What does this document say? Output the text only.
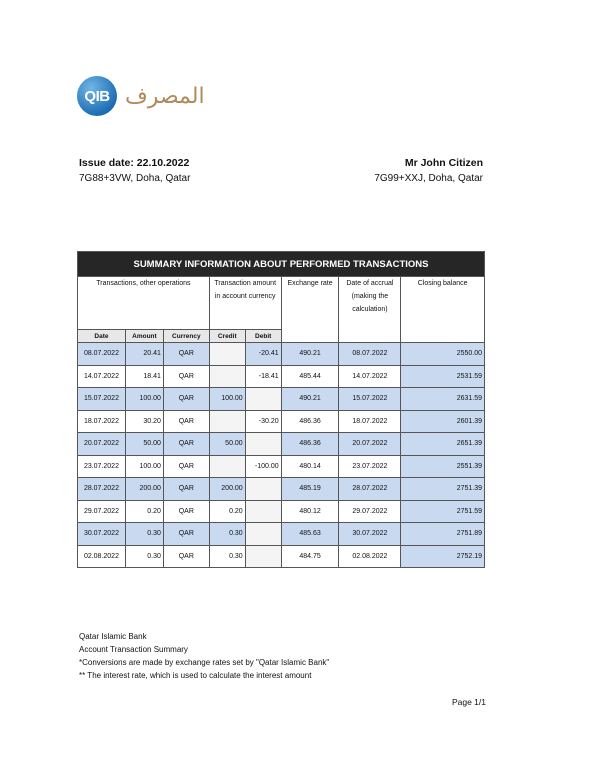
QIB المصرف
Issue date: 22.10.2022
7G88+3VW, Doha, Qatar
Mr John Citizen
7G99+XXJ, Doha, Qatar
SUMMARY INFORMATION ABOUT PERFORMED TRANSACTIONS							
Transactions, other operations			Transaction amount in account currency		Exchange rate	Date of accrual (making the calculation)	Closing balance
Date	Amount	Currency	Credit	Debit			
08.07.2022	20.41	QAR		-20.41	490.21	08.07.2022	2550.00
14.07.2022	18.41	QAR		-18.41	485.44	14.07.2022	2531.59
15.07.2022	100.00	QAR	100.00		490.21	15.07.2022	2631.59
18.07.2022	30.20	QAR		-30.20	486.36	18.07.2022	2601.39
20.07.2022	50.00	QAR	50.00		486.36	20.07.2022	2651.39
23.07.2022	100.00	QAR		-100.00	480.14	23.07.2022	2551.39
28.07.2022	200.00	QAR	200.00		485.19	28.07.2022	2751.39
29.07.2022	0.20	QAR	0.20		480.12	29.07.2022	2751.59
30.07.2022	0.30	QAR	0.30		485.63	30.07.2022	2751.89
02.08.2022	0.30	QAR	0.30		484.75	02.08.2022	2752.19
Qatar Islamic Bank
Account Transaction Summary
*Conversions are made by exchange rates set by "Qatar Islamic Bank"
** The interest rate, which is used to calculate the interest amount
Page 1/1
